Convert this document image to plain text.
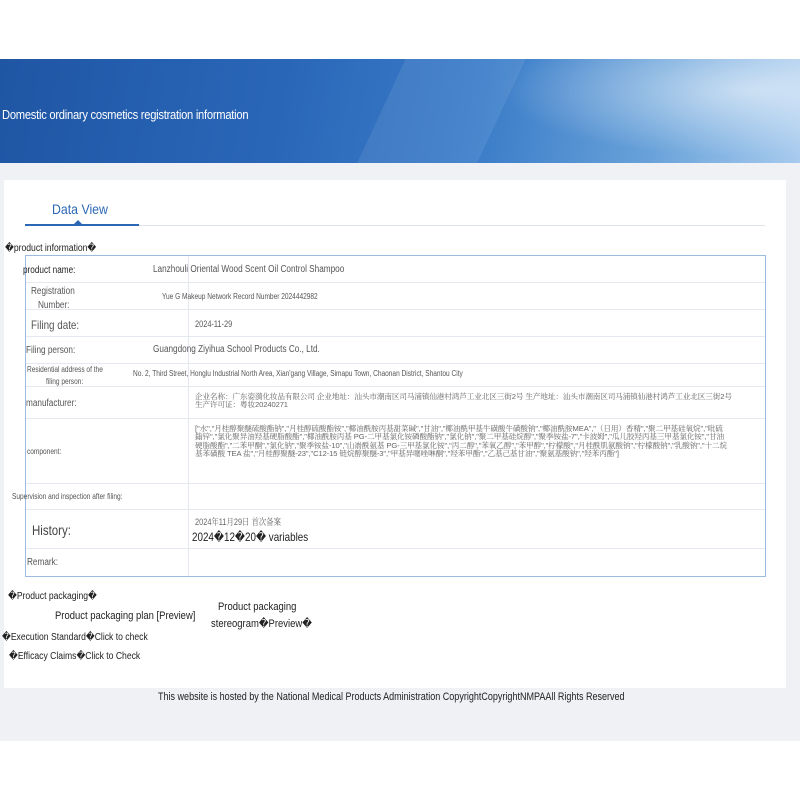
Domestic ordinary cosmetics registration information
Data View
�product information�
product name:	Lanzhouli Oriental Wood Scent Oil Control Shampoo
Registration
Number:
Yue G Makeup Network Record Number 2024442982
Filing date:	2024-11-29
Filing person:	Guangdong Ziyihua School Products Co., Ltd.
Residential address of the
filing person:
No. 2, Third Street, Honglu Industrial North Area, Xian'gang Village, Simapu Town, Chaonan District, Shantou City
manufacturer:
企业名称：广东姿漪化妆品有限公司 企业地址：汕头市潮南区司马浦镇仙港村鸿芦工业北区三街2号 生产地址：汕头市潮南区司马浦镇仙港村鸿芦工业北区三街2号 生产许可证：粤妆20240271
component:
["水","月桂醇聚醚硫酸酯钠","月桂醇硫酸酯铵","椰油酰胺丙基甜菜碱","甘油","椰油酰甲基牛磺酸牛磺酸钠","椰油酰胺MEA","（日用）香精","聚二甲基硅氧烷","吡硫鎓锌","氯化聚异油羟基硬脂酸酯","椰油酰胺丙基 PG-二甲基氯化铵磷酸酯钠","氯化钠","聚二甲基硅烷醇","聚季铵盐-7","卡波姆","瓜儿胶羟丙基三甲基氯化铵","甘油硬脂酸酯","二苯甲酮","氯化钠","聚季铵盐-10","山嵛酰氨基 PG-三甲基氯化铵","丙二醇","苯氧乙醇","苯甲醇","柠檬酸","月桂酰肌氨酸钠","柠檬酸钠","乳酸钠","十二烷基苯磺酸 TEA 盐","月桂醇聚醚-23","C12-15 链烷醇聚醚-3","甲基异噻唑啉酮","羟苯甲酯","乙基己基甘油","聚氨基酸钠","羟苯丙酯"]
Supervision and inspection after filing:
History:	2024年11月29日 首次备案
2024�12�20� variables
Remark:
�Product packaging�
Product packaging plan [Preview]
Product packaging
stereogram�Preview�
�Execution Standard�Click to check
�Efficacy Claims�Click to Check
This website is hosted by the National Medical Products Administration CopyrightCopyrightNMPAAll Rights Reserved
